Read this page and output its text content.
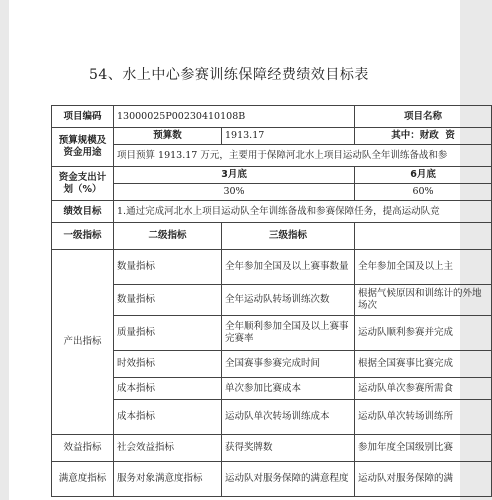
54、水上中心参赛训练保障经费绩效目标表
项目编码	13000025P00230410108B		项目名称
预算规模及资金用途	预算数	1913.17	其中：财政 资
	项目预算 1913.17 万元，主要用于保障河北水上项目运动队全年训练备战和参		
资金支出计划（%）	3月底		6月底
	30%		60%
绩效目标	1.通过完成河北水上项目运动队全年训练备战和参赛保障任务，提高运动队竞		
一级指标	二级指标	三级指标	
产出指标	数量指标	全年参加全国及以上赛事数量	全年参加全国及以上主
	数量指标	全年运动队转场训练次数	根据气候原因和训练计的外地场次
	质量指标	全年顺利参加全国及以上赛事完赛率	运动队顺利参赛并完成
	时效指标	全国赛事参赛完成时间	根据全国赛事比赛完成
	成本指标	单次参加比赛成本	运动队单次参赛所需食
	成本指标	运动队单次转场训练成本	运动队单次转场训练所
效益指标	社会效益指标	获得奖牌数	参加年度全国级别比赛
满意度指标	服务对象满意度指标	运动队对服务保障的满意程度	运动队对服务保障的满
